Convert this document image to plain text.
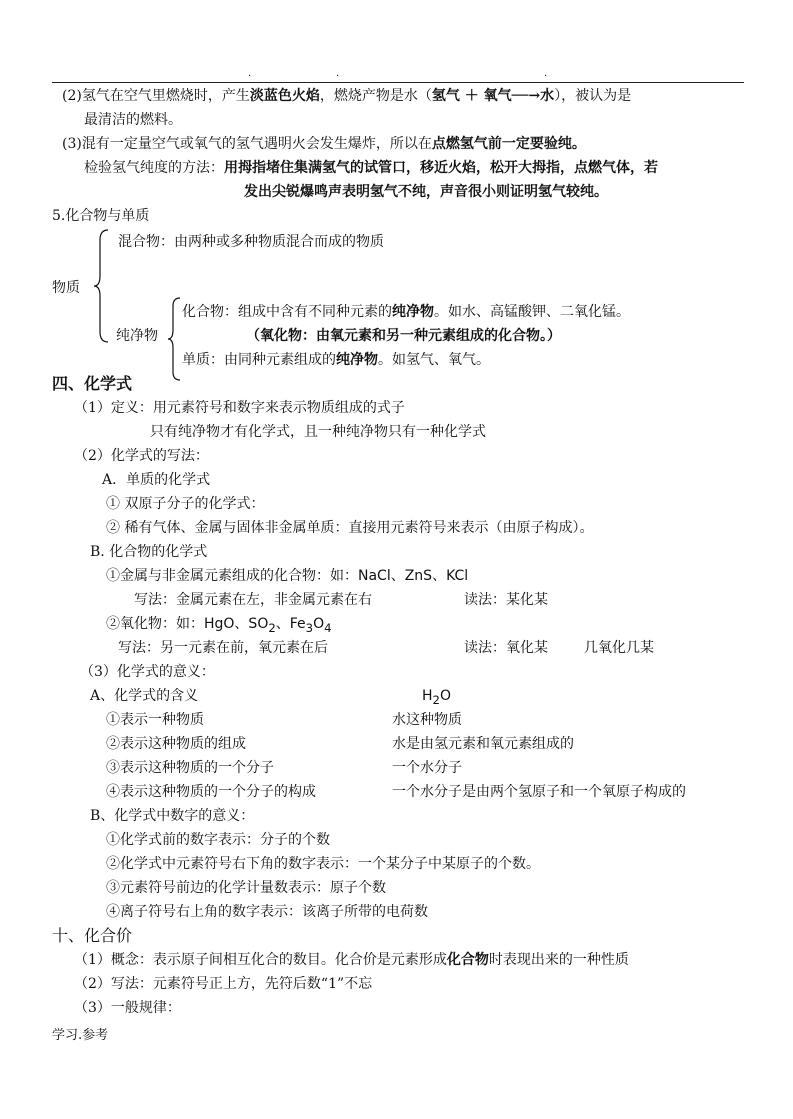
.	.	.
(2)氢气在空气里燃烧时，产生淡蓝色火焰，燃烧产物是水（氢气 ＋ 氧气──→水），被认为是
最清洁的燃料。
(3)混有一定量空气或氧气的氢气遇明火会发生爆炸，所以在点燃氢气前一定要验纯。
检验氢气纯度的方法：用拇指堵住集满氢气的试管口，移近火焰，松开大拇指，点燃气体，若
发出尖锐爆鸣声表明氢气不纯，声音很小则证明氢气较纯。
5.化合物与单质
混合物：由两种或多种物质混合而成的物质
物质
化合物：组成中含有不同种元素的纯净物。如水、高锰酸钾、二氧化锰。
纯净物	（氧化物：由氧元素和另一种元素组成的化合物。）
单质：由同种元素组成的纯净物。如氢气、氧气。
四、化学式
（1）定义：用元素符号和数字来表示物质组成的式子
只有纯净物才有化学式，且一种纯净物只有一种化学式
（2）化学式的写法：
A．单质的化学式
① 双原子分子的化学式：
② 稀有气体、金属与固体非金属单质：直接用元素符号来表示（由原子构成）。
B. 化合物的化学式
①金属与非金属元素组成的化合物：如：NaCl、ZnS、KCl
写法：金属元素在左，非金属元素在右	读法：某化某
②氧化物：如：HgO、$SO_2$、$Fe_3O_4$
写法：另一元素在前，氧元素在后	读法：氧化某	几氧化几某
（3）化学式的意义：
A、化学式的含义	$H_2O$
①表示一种物质	水这种物质
②表示这种物质的组成	水是由氢元素和氧元素组成的
③表示这种物质的一个分子	一个水分子
④表示这种物质的一个分子的构成	一个水分子是由两个氢原子和一个氧原子构成的
B、化学式中数字的意义：
①化学式前的数字表示：分子的个数
②化学式中元素符号右下角的数字表示：一个某分子中某原子的个数。
③元素符号前边的化学计量数表示：原子个数
④离子符号右上角的数字表示：该离子所带的电荷数
十、化合价
（1）概念：表示原子间相互化合的数目。化合价是元素形成化合物时表现出来的一种性质
（2）写法：元素符号正上方，先符后数“1”不忘
（3）一般规律：
学习.参考
